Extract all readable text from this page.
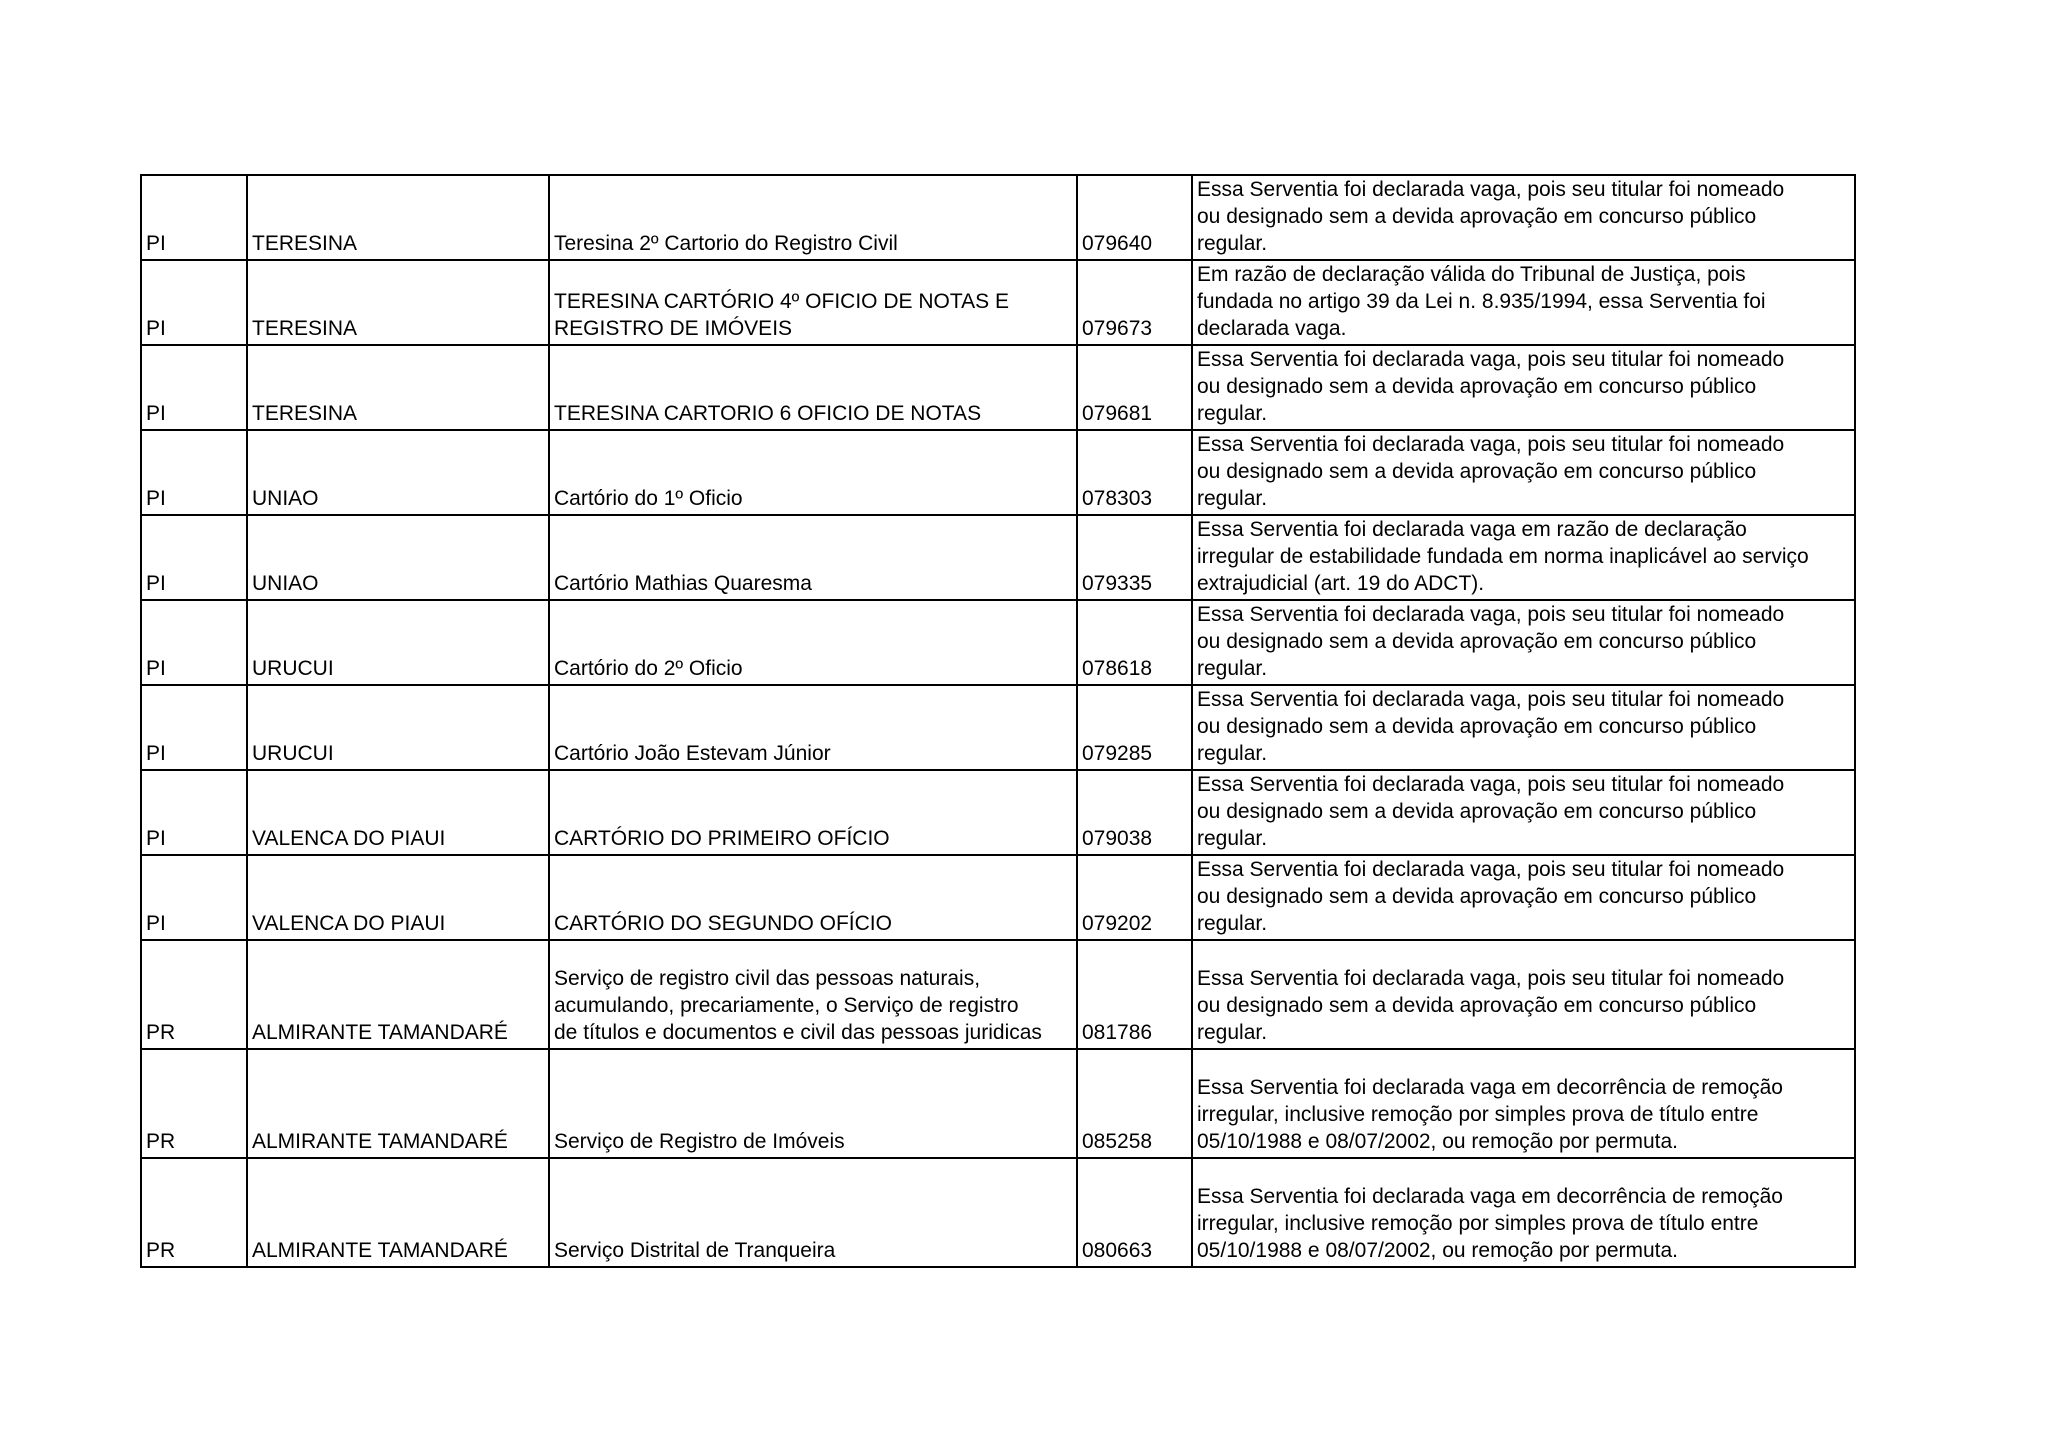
PI	TERESINA	Teresina 2º Cartorio do Registro Civil	079640	Essa Serventia foi declarada vaga, pois seu titular foi nomeado
ou designado sem a devida aprovação em concurso público
regular.

PI	TERESINA	TERESINA CARTÓRIO 4º OFICIO DE NOTAS E
REGISTRO DE IMÓVEIS	079673	Em razão de declaração válida do Tribunal de Justiça, pois
fundada no artigo 39 da Lei n. 8.935/1994, essa Serventia foi
declarada vaga.

PI	TERESINA	TERESINA CARTORIO 6 OFICIO DE NOTAS	079681	Essa Serventia foi declarada vaga, pois seu titular foi nomeado
ou designado sem a devida aprovação em concurso público
regular.

PI	UNIAO	Cartório do 1º Oficio	078303	Essa Serventia foi declarada vaga, pois seu titular foi nomeado
ou designado sem a devida aprovação em concurso público
regular.

PI	UNIAO	Cartório Mathias Quaresma	079335	Essa Serventia foi declarada vaga em razão de declaração
irregular de estabilidade fundada em norma inaplicável ao serviço
extrajudicial (art. 19 do ADCT).

PI	URUCUI	Cartório do 2º Oficio	078618	Essa Serventia foi declarada vaga, pois seu titular foi nomeado
ou designado sem a devida aprovação em concurso público
regular.

PI	URUCUI	Cartório João Estevam Júnior	079285	Essa Serventia foi declarada vaga, pois seu titular foi nomeado
ou designado sem a devida aprovação em concurso público
regular.

PI	VALENCA DO PIAUI	CARTÓRIO DO PRIMEIRO OFÍCIO	079038	Essa Serventia foi declarada vaga, pois seu titular foi nomeado
ou designado sem a devida aprovação em concurso público
regular.

PI	VALENCA DO PIAUI	CARTÓRIO DO SEGUNDO OFÍCIO	079202	Essa Serventia foi declarada vaga, pois seu titular foi nomeado
ou designado sem a devida aprovação em concurso público
regular.

PR	ALMIRANTE TAMANDARÉ	Serviço de registro civil das pessoas naturais,
acumulando, precariamente, o Serviço de registro
de títulos e documentos e civil das pessoas juridicas	081786	Essa Serventia foi declarada vaga, pois seu titular foi nomeado
ou designado sem a devida aprovação em concurso público
regular.

PR	ALMIRANTE TAMANDARÉ	Serviço de Registro de Imóveis	085258	Essa Serventia foi declarada vaga em decorrência de remoção
irregular, inclusive remoção por simples prova de título entre
05/10/1988 e 08/07/2002, ou remoção por permuta.

PR	ALMIRANTE TAMANDARÉ	Serviço Distrital de Tranqueira	080663	Essa Serventia foi declarada vaga em decorrência de remoção
irregular, inclusive remoção por simples prova de título entre
05/10/1988 e 08/07/2002, ou remoção por permuta.
